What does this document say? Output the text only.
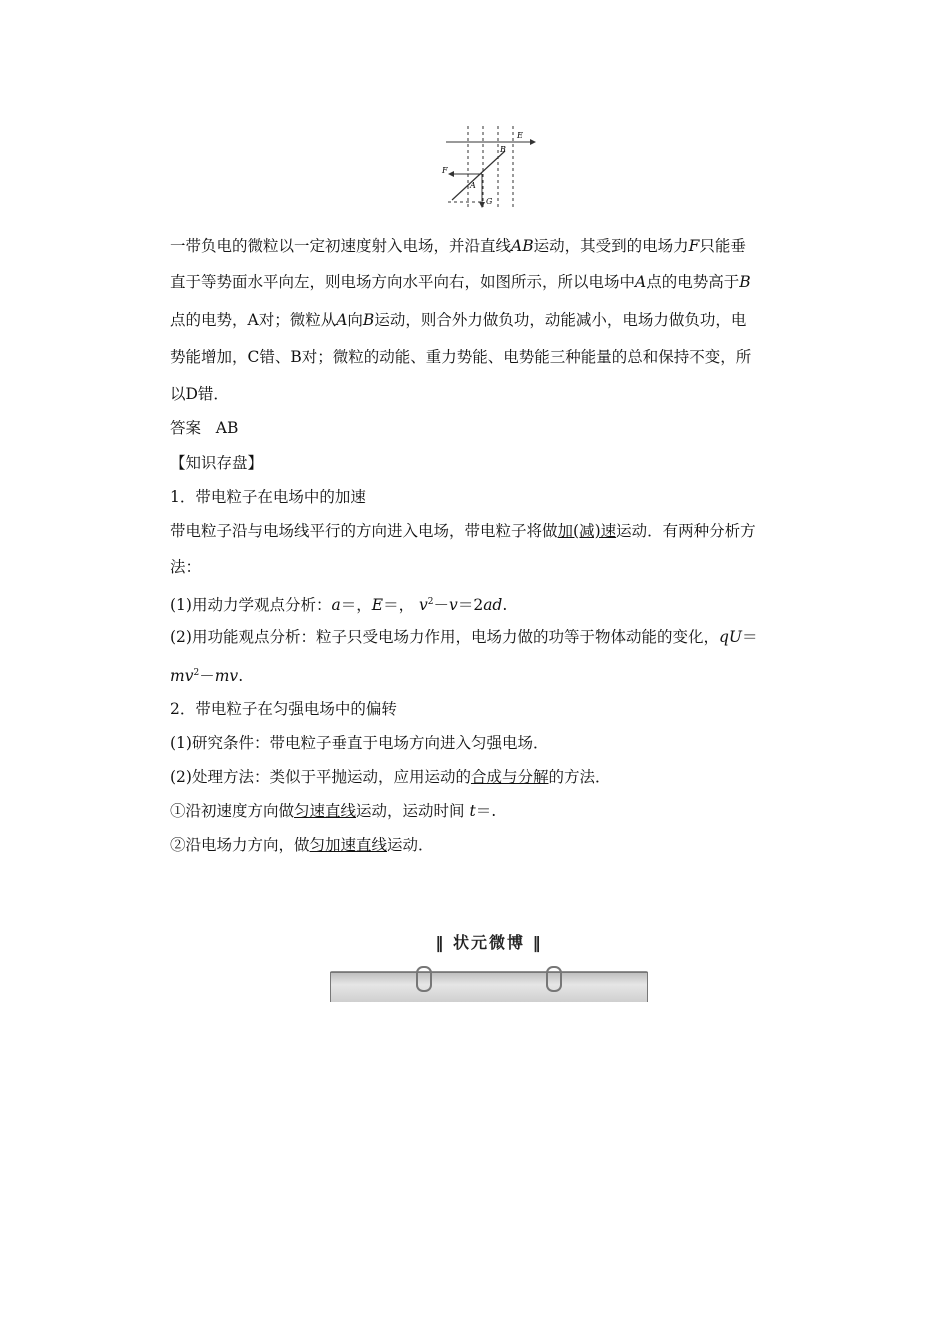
E
B
F
A
G
一带负电的微粒以一定初速度射入电场，并沿直线AB运动，其受到的电场力F只能垂
直于等势面水平向左，则电场方向水平向右，如图所示，所以电场中A点的电势高于B
点的电势，A对；微粒从A向B运动，则合外力做负功，动能减小，电场力做负功，电
势能增加，C错、B对；微粒的动能、重力势能、电势能三种能量的总和保持不变，所
以D错．
答案 AB
【知识存盘】
1．带电粒子在电场中的加速
带电粒子沿与电场线平行的方向进入电场，带电粒子将做加(减)速运动．有两种分析方
法：
(1)用动力学观点分析：a＝，E＝， $v^2-v=2ad$.
(2)用功能观点分析：粒子只受电场力作用，电场力做的功等于物体动能的变化，qU＝
$mv^2-mv$.
2．带电粒子在匀强电场中的偏转
(1)研究条件：带电粒子垂直于电场方向进入匀强电场．
(2)处理方法：类似于平抛运动，应用运动的合成与分解的方法．
①沿初速度方向做匀速直线运动，运动时间 t＝.
②沿电场力方向，做匀加速直线运动．
‖ 状元微博 ‖
